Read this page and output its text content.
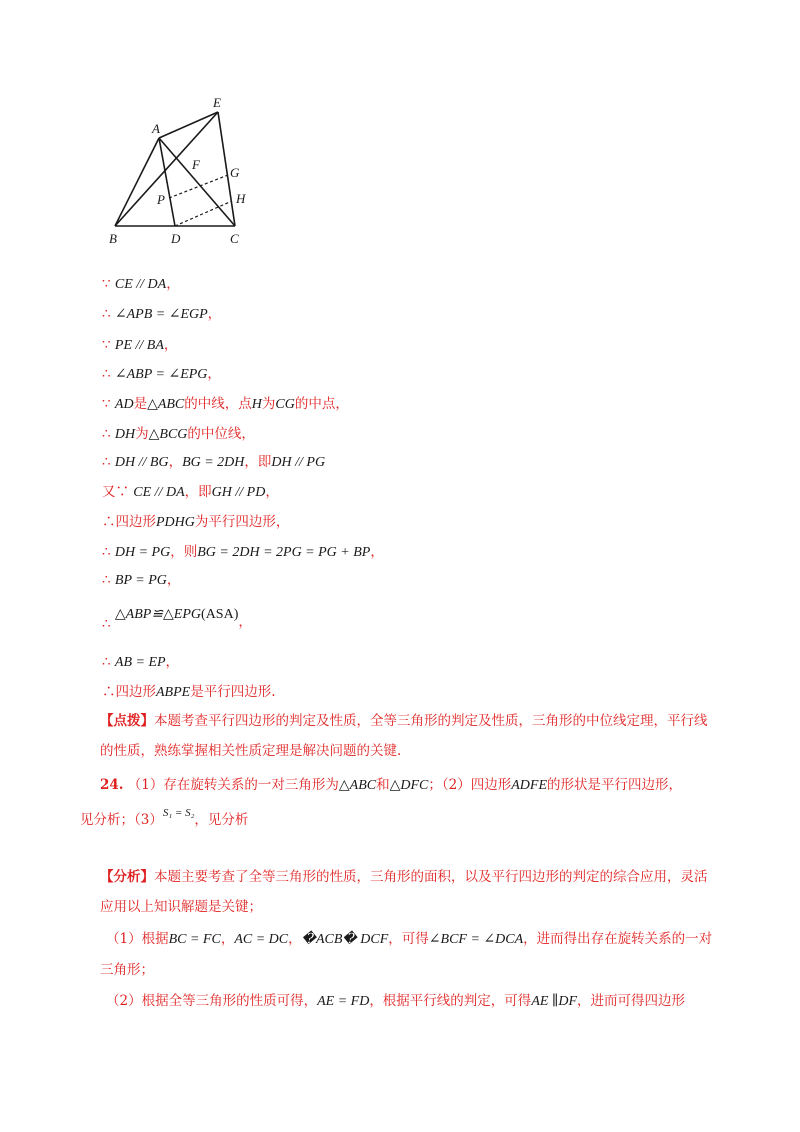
A
E
F
G
P	H
B	D	C
∵ CE // DA，
∴ ∠APB = ∠EGP，
∵ PE // BA，
∴ ∠ABP = ∠EPG，
∵ AD是△ABC的中线，点H为CG的中点，
∴ DH为△BCG的中位线，
∴ DH // BG，BG = 2DH，即DH // PG
又∵ CE // DA，即GH // PD，
∴四边形PDHG为平行四边形，
∴ DH = PG，则BG = 2DH = 2PG = PG + BP，
∴ BP = PG，
∴ △ABP≌△EPG(ASA)，
∴ AB = EP，
∴四边形ABPE是平行四边形.
【点拨】本题考查平行四边形的判定及性质，全等三角形的判定及性质，三角形的中位线定理，平行线的性质，熟练掌握相关性质定理是解决问题的关键.
24. （1）存在旋转关系的一对三角形为△ABC和△DFC；（2）四边形ADFE的形状是平行四边形，
见分析；$(3)^{S_1 = S_2}$，见分析
【分析】本题主要考查了全等三角形的性质，三角形的面积，以及平行四边形的判定的综合应用，灵活应用以上知识解题是关键；
（1）根据BC = FC，AC = DC，�ACB� DCF，可得∠BCF = ∠DCA，进而得出存在旋转关系的一对三角形；
（2）根据全等三角形的性质可得，AE = FD，根据平行线的判定，可得AE ∥DF，进而可得四边形
